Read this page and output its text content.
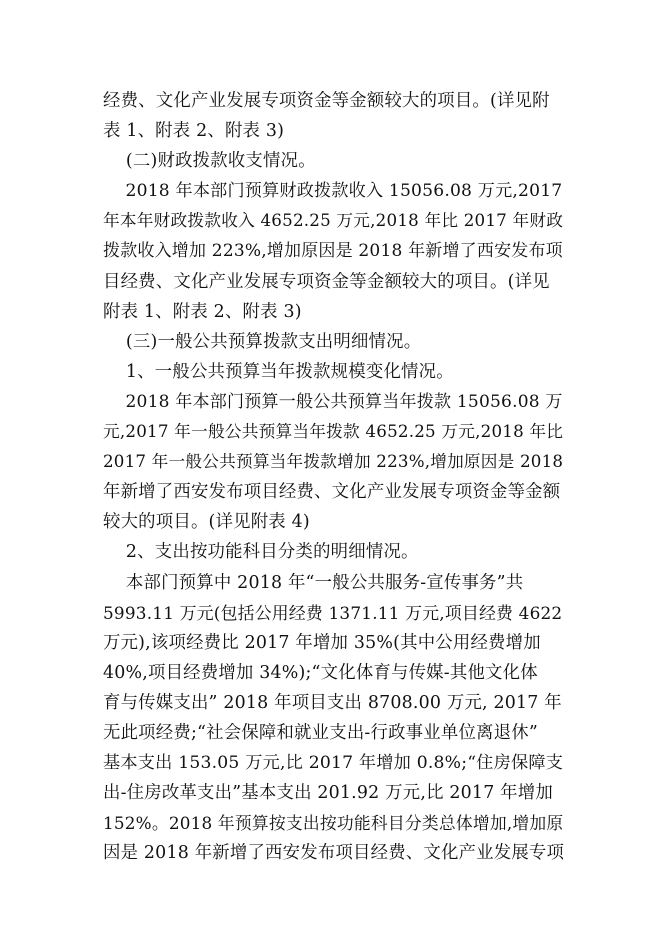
经费、文化产业发展专项资金等金额较大的项目。(详见附
表 1、附表 2、附表 3)
(二)财政拨款收支情况。
2018 年本部门预算财政拨款收入 15056.08 万元,2017
年本年财政拨款收入 4652.25 万元,2018 年比 2017 年财政
拨款收入增加 223%,增加原因是 2018 年新增了西安发布项
目经费、文化产业发展专项资金等金额较大的项目。(详见
附表 1、附表 2、附表 3)
(三)一般公共预算拨款支出明细情况。
1、一般公共预算当年拨款规模变化情况。
2018 年本部门预算一般公共预算当年拨款 15056.08 万
元,2017 年一般公共预算当年拨款 4652.25 万元,2018 年比
2017 年一般公共预算当年拨款增加 223%,增加原因是 2018
年新增了西安发布项目经费、文化产业发展专项资金等金额
较大的项目。(详见附表 4)
2、支出按功能科目分类的明细情况。
本部门预算中 2018 年“一般公共服务-宣传事务”共
5993.11 万元(包括公用经费 1371.11 万元,项目经费 4622
万元),该项经费比 2017 年增加 35%(其中公用经费增加
40%,项目经费增加 34%);“文化体育与传媒-其他文化体
育与传媒支出” 2018 年项目支出 8708.00 万元, 2017 年
无此项经费;“社会保障和就业支出-行政事业单位离退休”
基本支出 153.05 万元,比 2017 年增加 0.8%;“住房保障支
出-住房改革支出”基本支出 201.92 万元,比 2017 年增加
152%。2018 年预算按支出按功能科目分类总体增加,增加原
因是 2018 年新增了西安发布项目经费、文化产业发展专项
